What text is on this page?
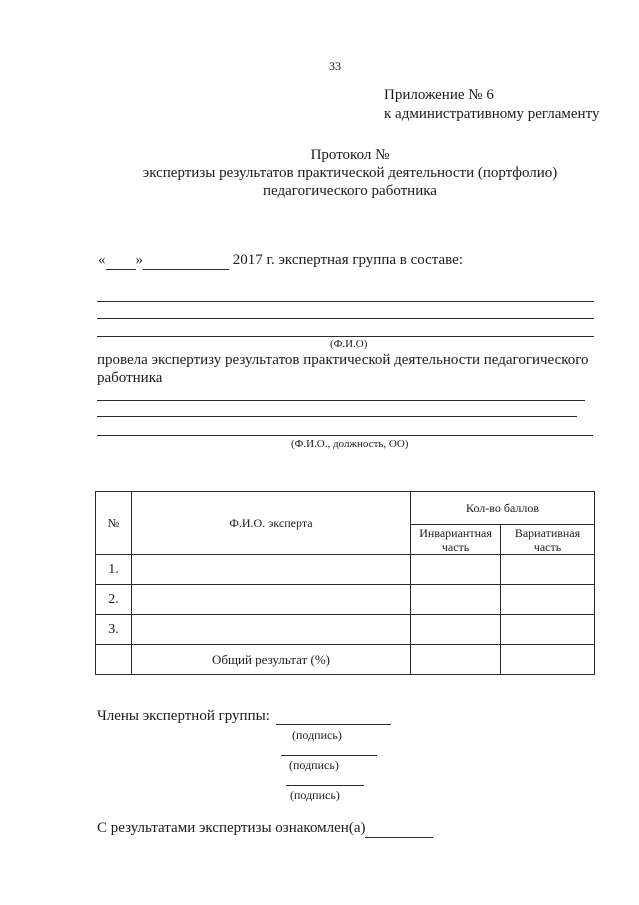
33
Приложение № 6
к административному регламенту
Протокол №
экспертизы результатов практической деятельности (портфолио)
педагогического работника
« »	2017 г. экспертная группа в составе:
(Ф.И.О)
провела экспертизу результатов практической деятельности педагогического
работника
(Ф.И.О., должность, ОО)
№	Ф.И.О. эксперта	Кол-во баллов	
		Инвариантная часть	Вариативная часть
1.			
2.			
3.			
	Общий результат (%)		
Члены экспертной группы:
(подпись)
(подпись)
(подпись)
С результатами экспертизы ознакомлен(а)
